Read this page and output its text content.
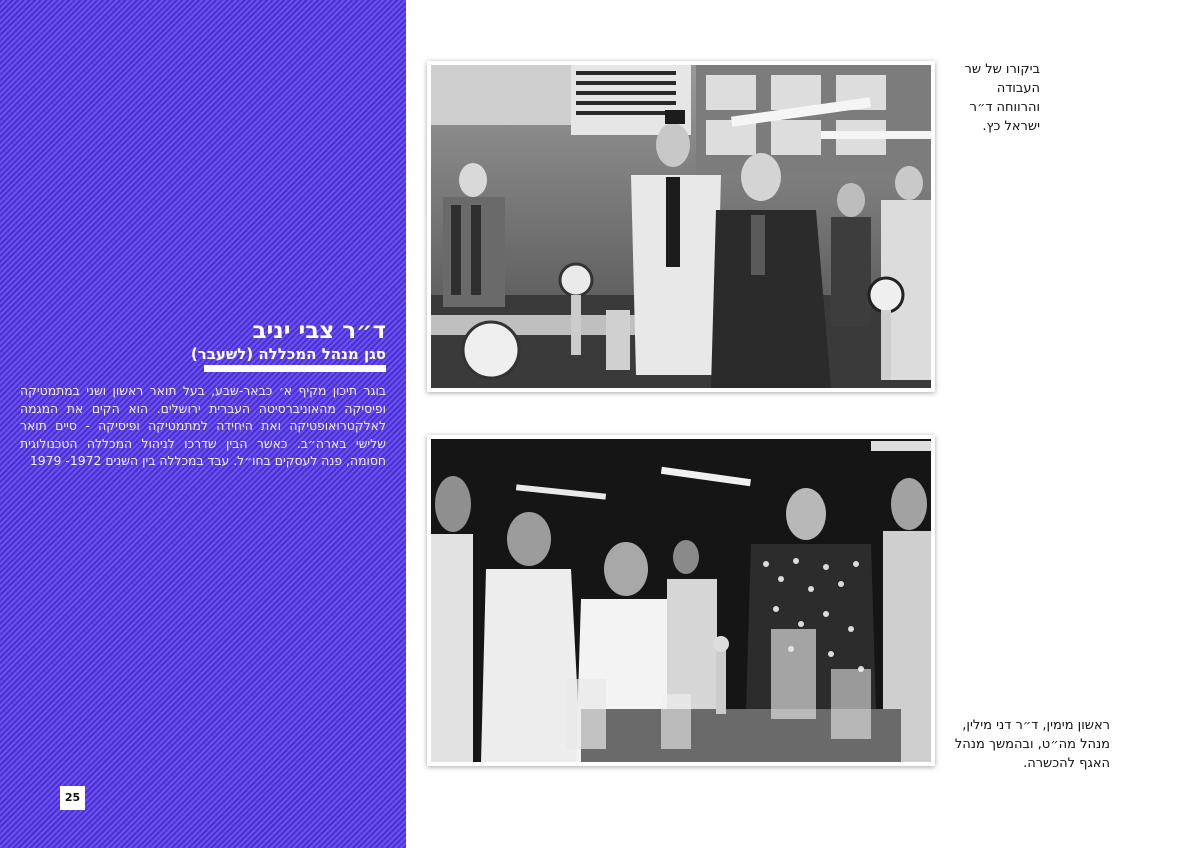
ד״ר צבי יניב
סגן מנהל המכללה (לשעבר)

בוגר תיכון מקיף א׳ כבאר-שבע, בעל תואר ראשון ושני במתמטיקה ופיסיקה מהאוניברסיטה העברית ירושלים. הוא הקים את המגמה לאלקטרואופטיקה ואת היחידה למתמטיקה ופיסיקה - סיים תואר שלישי בארה״ב. כאשר הבין שדרכו לניהול המכללה הטכנולוגית חסומה, פנה לעסקים בחו״ל. עבד במכללה בין השנים 1972- 1979

25
ביקורו של שר העבודה והרווחה ד״ר ישראל כץ.
ראשון מימין, ד״ר דני מילין, מנהל מה״ט, ובהמשך מנהל האגף להכשרה.
